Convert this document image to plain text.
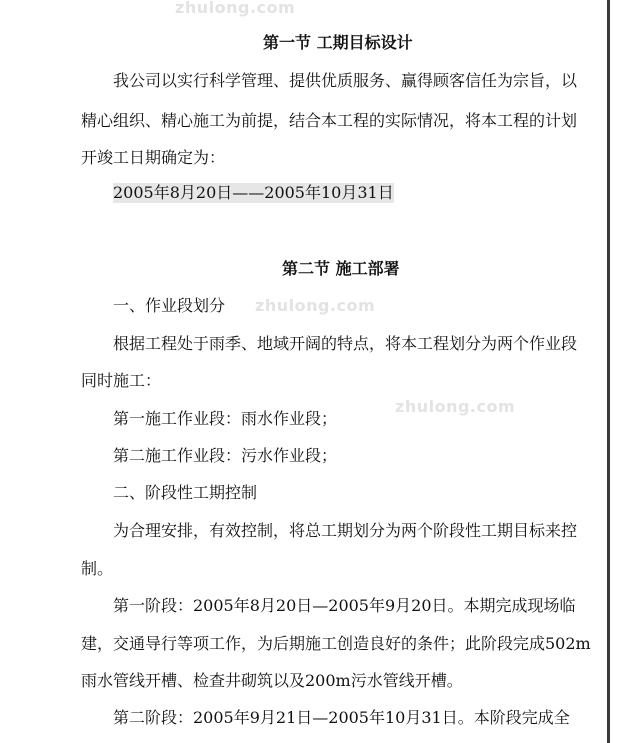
zhulong.com
zhulong.com
zhulong.com
第一节 工期目标设计
我公司以实行科学管理、提供优质服务、赢得顾客信任为宗旨，以
精心组织、精心施工为前提，结合本工程的实际情况，将本工程的计划
开竣工日期确定为：
2005年8月20日——2005年10月31日
第二节 施工部署
一、作业段划分
根据工程处于雨季、地域开阔的特点，将本工程划分为两个作业段
同时施工：
第一施工作业段：雨水作业段；
第二施工作业段：污水作业段；
二、阶段性工期控制
为合理安排，有效控制，将总工期划分为两个阶段性工期目标来控
制。
第一阶段：2005年8月20日—2005年9月20日。本期完成现场临
建，交通导行等项工作，为后期施工创造良好的条件；此阶段完成502m
雨水管线开槽、检查井砌筑以及200m污水管线开槽。
第二阶段：2005年9月21日—2005年10月31日。本阶段完成全
